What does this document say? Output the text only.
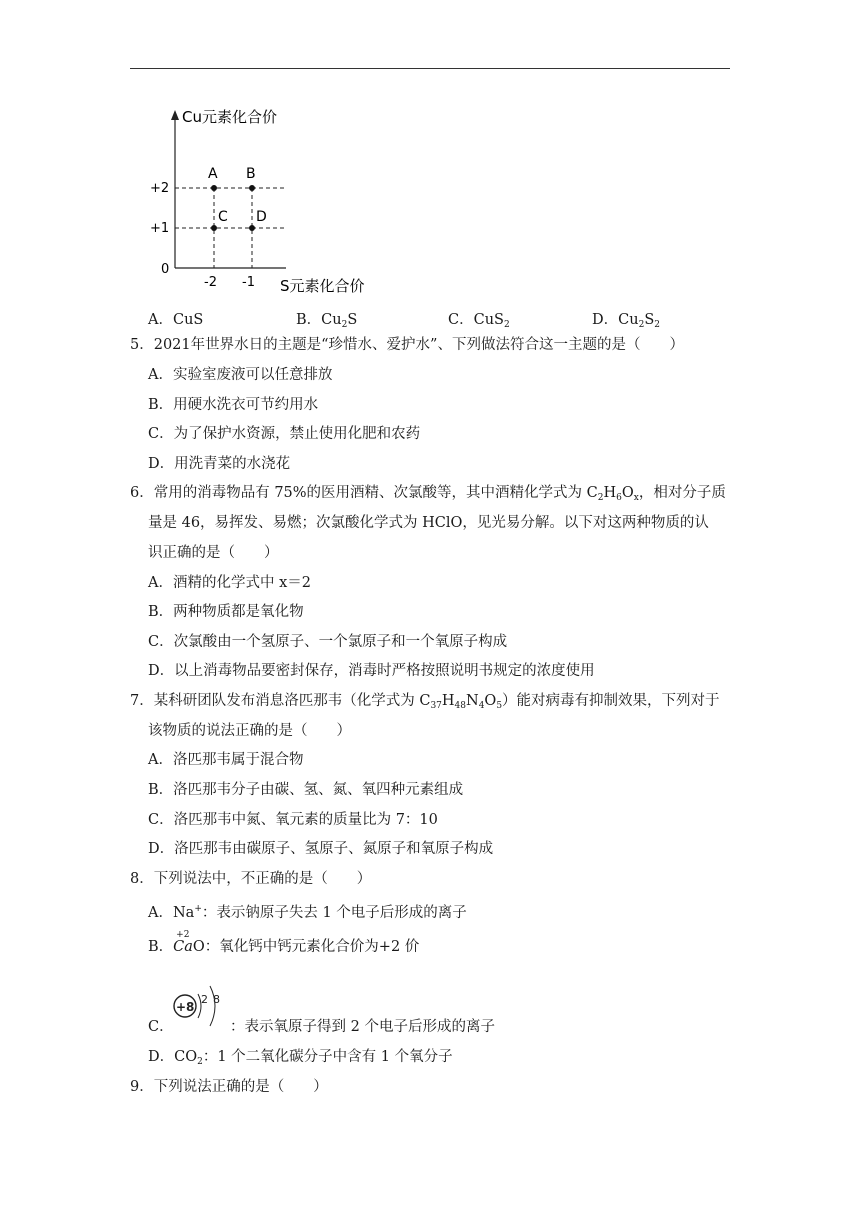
Cu元素化合价
S元素化合价
0
+2
+1
-2 -1
A B
C D
A．CuS	B．$Cu_2S$	C．CuS$_2$	D．$Cu_2S_2$
5．2021年世界水日的主题是“珍惜水、爱护水”、下列做法符合这一主题的是（　　）
A．实验室废液可以任意排放
B．用硬水洗衣可节约用水
C．为了保护水资源，禁止使用化肥和农药
D．用洗青菜的水浇花
6．常用的消毒物品有 75%的医用酒精、次氯酸等，其中酒精化学式为 $C_2H_6O_x$，相对分子质
量是 46，易挥发、易燃；次氯酸化学式为 HClO，见光易分解。以下对这两种物质的认
识正确的是（　　）
A．酒精的化学式中 x＝2
B．两种物质都是氧化物
C．次氯酸由一个氢原子、一个氯原子和一个氧原子构成
D．以上消毒物品要密封保存，消毒时严格按照说明书规定的浓度使用
7．某科研团队发布消息洛匹那韦（化学式为 $C_{37}H_{48}N_4O_5$）能对病毒有抑制效果，下列对于
该物质的说法正确的是（　　）
A．洛匹那韦属于混合物
B．洛匹那韦分子由碳、氢、氮、氧四种元素组成
C．洛匹那韦中氮、氧元素的质量比为 7：10
D．洛匹那韦由碳原子、氢原子、氮原子和氧原子构成
8．下列说法中，不正确的是（　　）
A．Na+：表示钠原子失去 1 个电子后形成的离子
B．
+2
CaO：氧化钙中钙元素化合价为+2 价
C．
+8
2 8
：表示氧原子得到 2 个电子后形成的离子
D．$CO_2$：1 个二氧化碳分子中含有 1 个氧分子
9．下列说法正确的是（　　）
